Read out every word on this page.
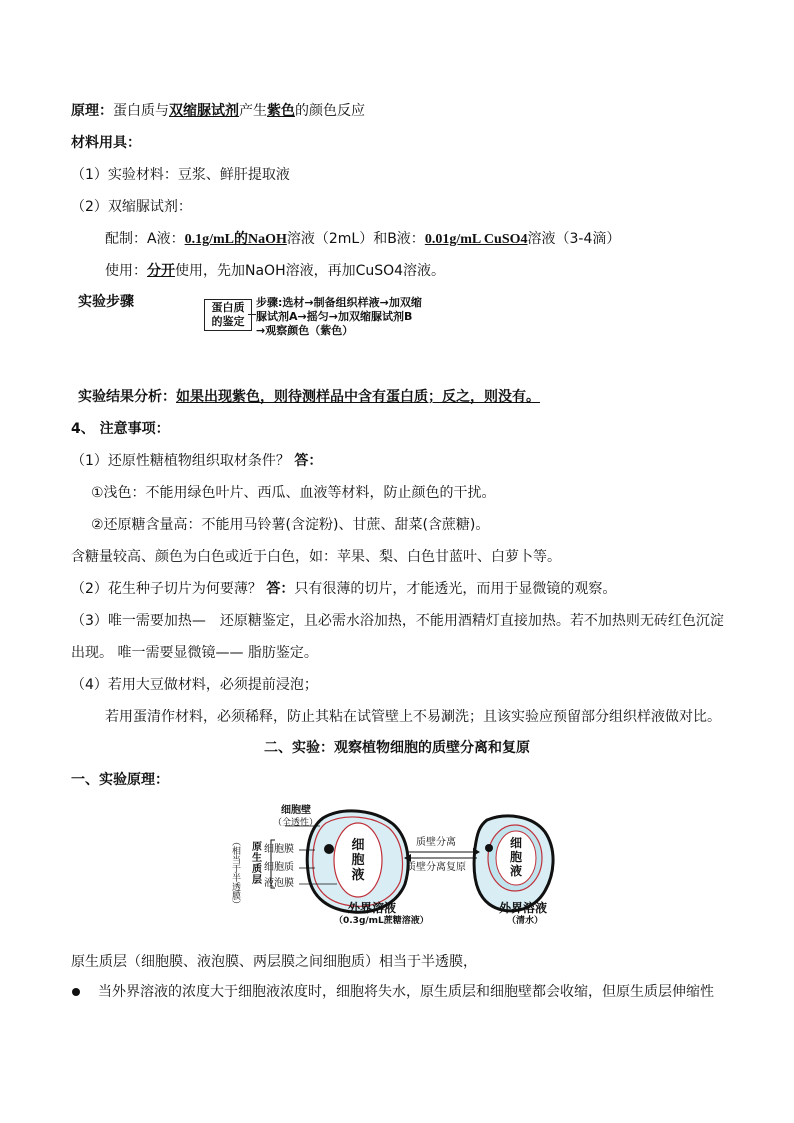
原理：蛋白质与双缩脲试剂产生紫色的颜色反应
材料用具：
（1）实验材料：豆浆、鲜肝提取液
（2）双缩脲试剂：
配制：A液：0.1g/mL的NaOH溶液（2mL）和B液：0.01g/mL CuSO4溶液（3-4滴）
使用：分开使用，先加NaOH溶液，再加CuSO4溶液。
实验步骤	蛋白质
的鉴定
步骤:选材→制备组织样液→加双缩
脲试剂A→摇匀→加双缩脲试剂B
→观察颜色（紫色）
实验结果分析：如果出现紫色，则待测样品中含有蛋白质；反之，则没有。
4、 注意事项：
（1）还原性糖植物组织取材条件？ 答：
①浅色：不能用绿色叶片、西瓜、血液等材料，防止颜色的干扰。
②还原糖含量高：不能用马铃薯(含淀粉)、甘蔗、甜菜(含蔗糖)。
含糖量较高、颜色为白色或近于白色，如：苹果、梨、白色甘蓝叶、白萝卜等。
（2）花生种子切片为何要薄？ 答：只有很薄的切片，才能透光，而用于显微镜的观察。
（3）唯一需要加热—　还原糖鉴定，且必需水浴加热，不能用酒精灯直接加热。若不加热则无砖红色沉淀
出现。 唯一需要显微镜—— 脂肪鉴定。
（4）若用大豆做材料，必须提前浸泡；
若用蛋清作材料，必须稀释，防止其粘在试管壁上不易涮洗；且该实验应预留部分组织样液做对比。
二、实验：观察植物细胞的质壁分离和复原
一、实验原理：
细胞壁
（全透性）
（相当于半透膜） 原
生
质
层
细胞膜
细胞质
液泡膜
细
胞
液
细
胞
液
质壁分离
质壁分离复原
外界溶液
（0.3g/mL蔗糖溶液）
外界溶液
（清水）
原生质层（细胞膜、液泡膜、两层膜之间细胞质）相当于半透膜，
当外界溶液的浓度大于细胞液浓度时，细胞将失水，原生质层和细胞壁都会收缩，但原生质层伸缩性
